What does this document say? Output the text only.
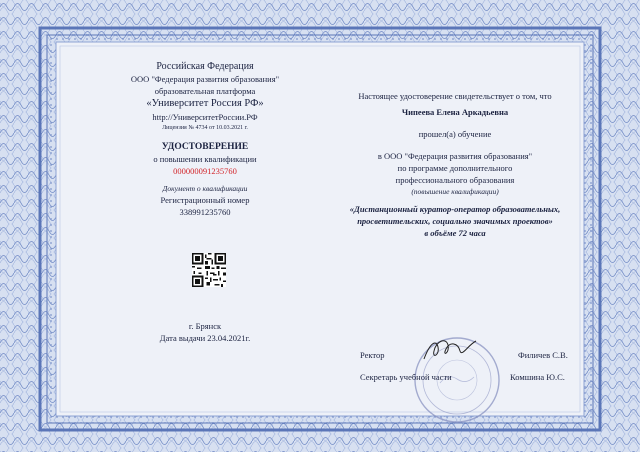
Российская Федерация
ООО "Федерация развития образования"
образовательная платформа
«Университет Россия РФ»
http://УниверситетРоссии.РФ
Лицензия № 4734 от 10.03.2021 г.
УДОСТОВЕРЕНИЕ
о повышении квалификации
000000091235760
Документ о квалификации
Регистрационный номер
338991235760
г. Брянск
Дата выдачи 23.04.2021г.
Настоящее удостоверение свидетельствует о том, что
Чипеева Елена Аркадьевна
прошел(а) обучение
в ООО "Федерация развития образования"
по программе дополнительного
профессионального образования
(повышение квалификации)
«Дистанционный куратор-оператор образовательных,
просветительских, социально значимых проектов»
в объёме 72 часа
Ректор	Филичев С.В.
Секретарь учебной части	Комшина Ю.С.
